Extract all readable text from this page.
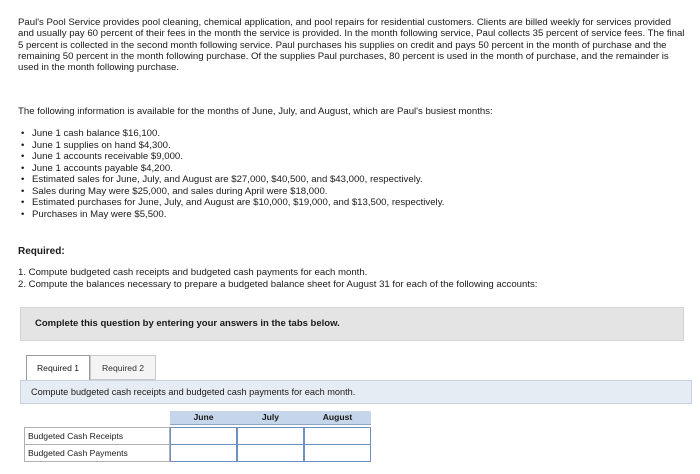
Paul's Pool Service provides pool cleaning, chemical application, and pool repairs for residential customers. Clients are billed weekly for services provided and usually pay 60 percent of their fees in the month the service is provided. In the month following service, Paul collects 35 percent of service fees. The final 5 percent is collected in the second month following service. Paul purchases his supplies on credit and pays 50 percent in the month of purchase and the remaining 50 percent in the month following purchase. Of the supplies Paul purchases, 80 percent is used in the month of purchase, and the remainder is used in the month following purchase.

The following information is available for the months of June, July, and August, which are Paul's busiest months:

• June 1 cash balance $16,100.
• June 1 supplies on hand $4,300.
• June 1 accounts receivable $9,000.
• June 1 accounts payable $4,200.
• Estimated sales for June, July, and August are $27,000, $40,500, and $43,000, respectively.
• Sales during May were $25,000, and sales during April were $18,000.
• Estimated purchases for June, July, and August are $10,000, $19,000, and $13,500, respectively.
• Purchases in May were $5,500.

Required:

1. Compute budgeted cash receipts and budgeted cash payments for each month.
2. Compute the balances necessary to prepare a budgeted balance sheet for August 31 for each of the following accounts:
Complete this question by entering your answers in the tabs below.
Required 1	Required 2
Compute budgeted cash receipts and budgeted cash payments for each month.
June	July	August
Budgeted Cash Receipts
Budgeted Cash Payments
